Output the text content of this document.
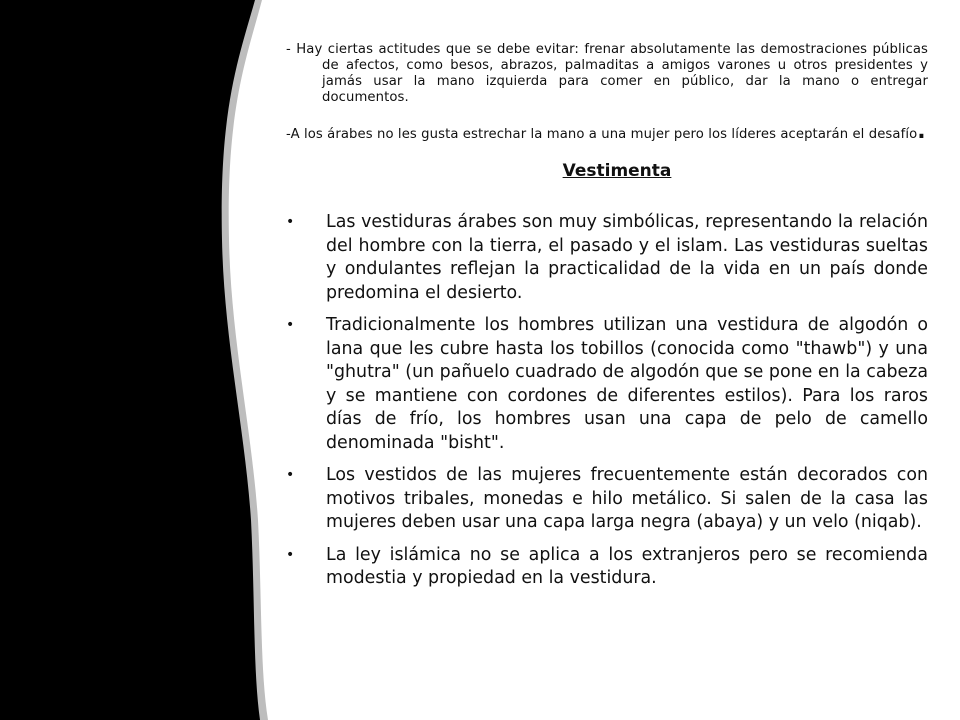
- Hay ciertas actitudes que se debe evitar: frenar absolutamente las demostraciones públicas de afectos, como besos, abrazos, palmaditas a amigos varones u otros presidentes y jamás usar la mano izquierda para comer en público, dar la mano o entregar documentos.

-A los árabes no les gusta estrechar la mano a una mujer pero los líderes aceptarán el desafío.

Vestimenta
• Las vestiduras árabes son muy simbólicas, representando la relación del hombre con la tierra, el pasado y el islam. Las vestiduras sueltas y ondulantes reflejan la practicalidad de la vida en un país donde predomina el desierto.
• Tradicionalmente los hombres utilizan una vestidura de algodón o lana que les cubre hasta los tobillos (conocida como "thawb") y una "ghutra" (un pañuelo cuadrado de algodón que se pone en la cabeza y se mantiene con cordones de diferentes estilos). Para los raros días de frío, los hombres usan una capa de pelo de camello denominada "bisht".
• Los vestidos de las mujeres frecuentemente están decorados con motivos tribales, monedas e hilo metálico. Si salen de la casa las mujeres deben usar una capa larga negra (abaya) y un velo (niqab).
• La ley islámica no se aplica a los extranjeros pero se recomienda modestia y propiedad en la vestidura.
